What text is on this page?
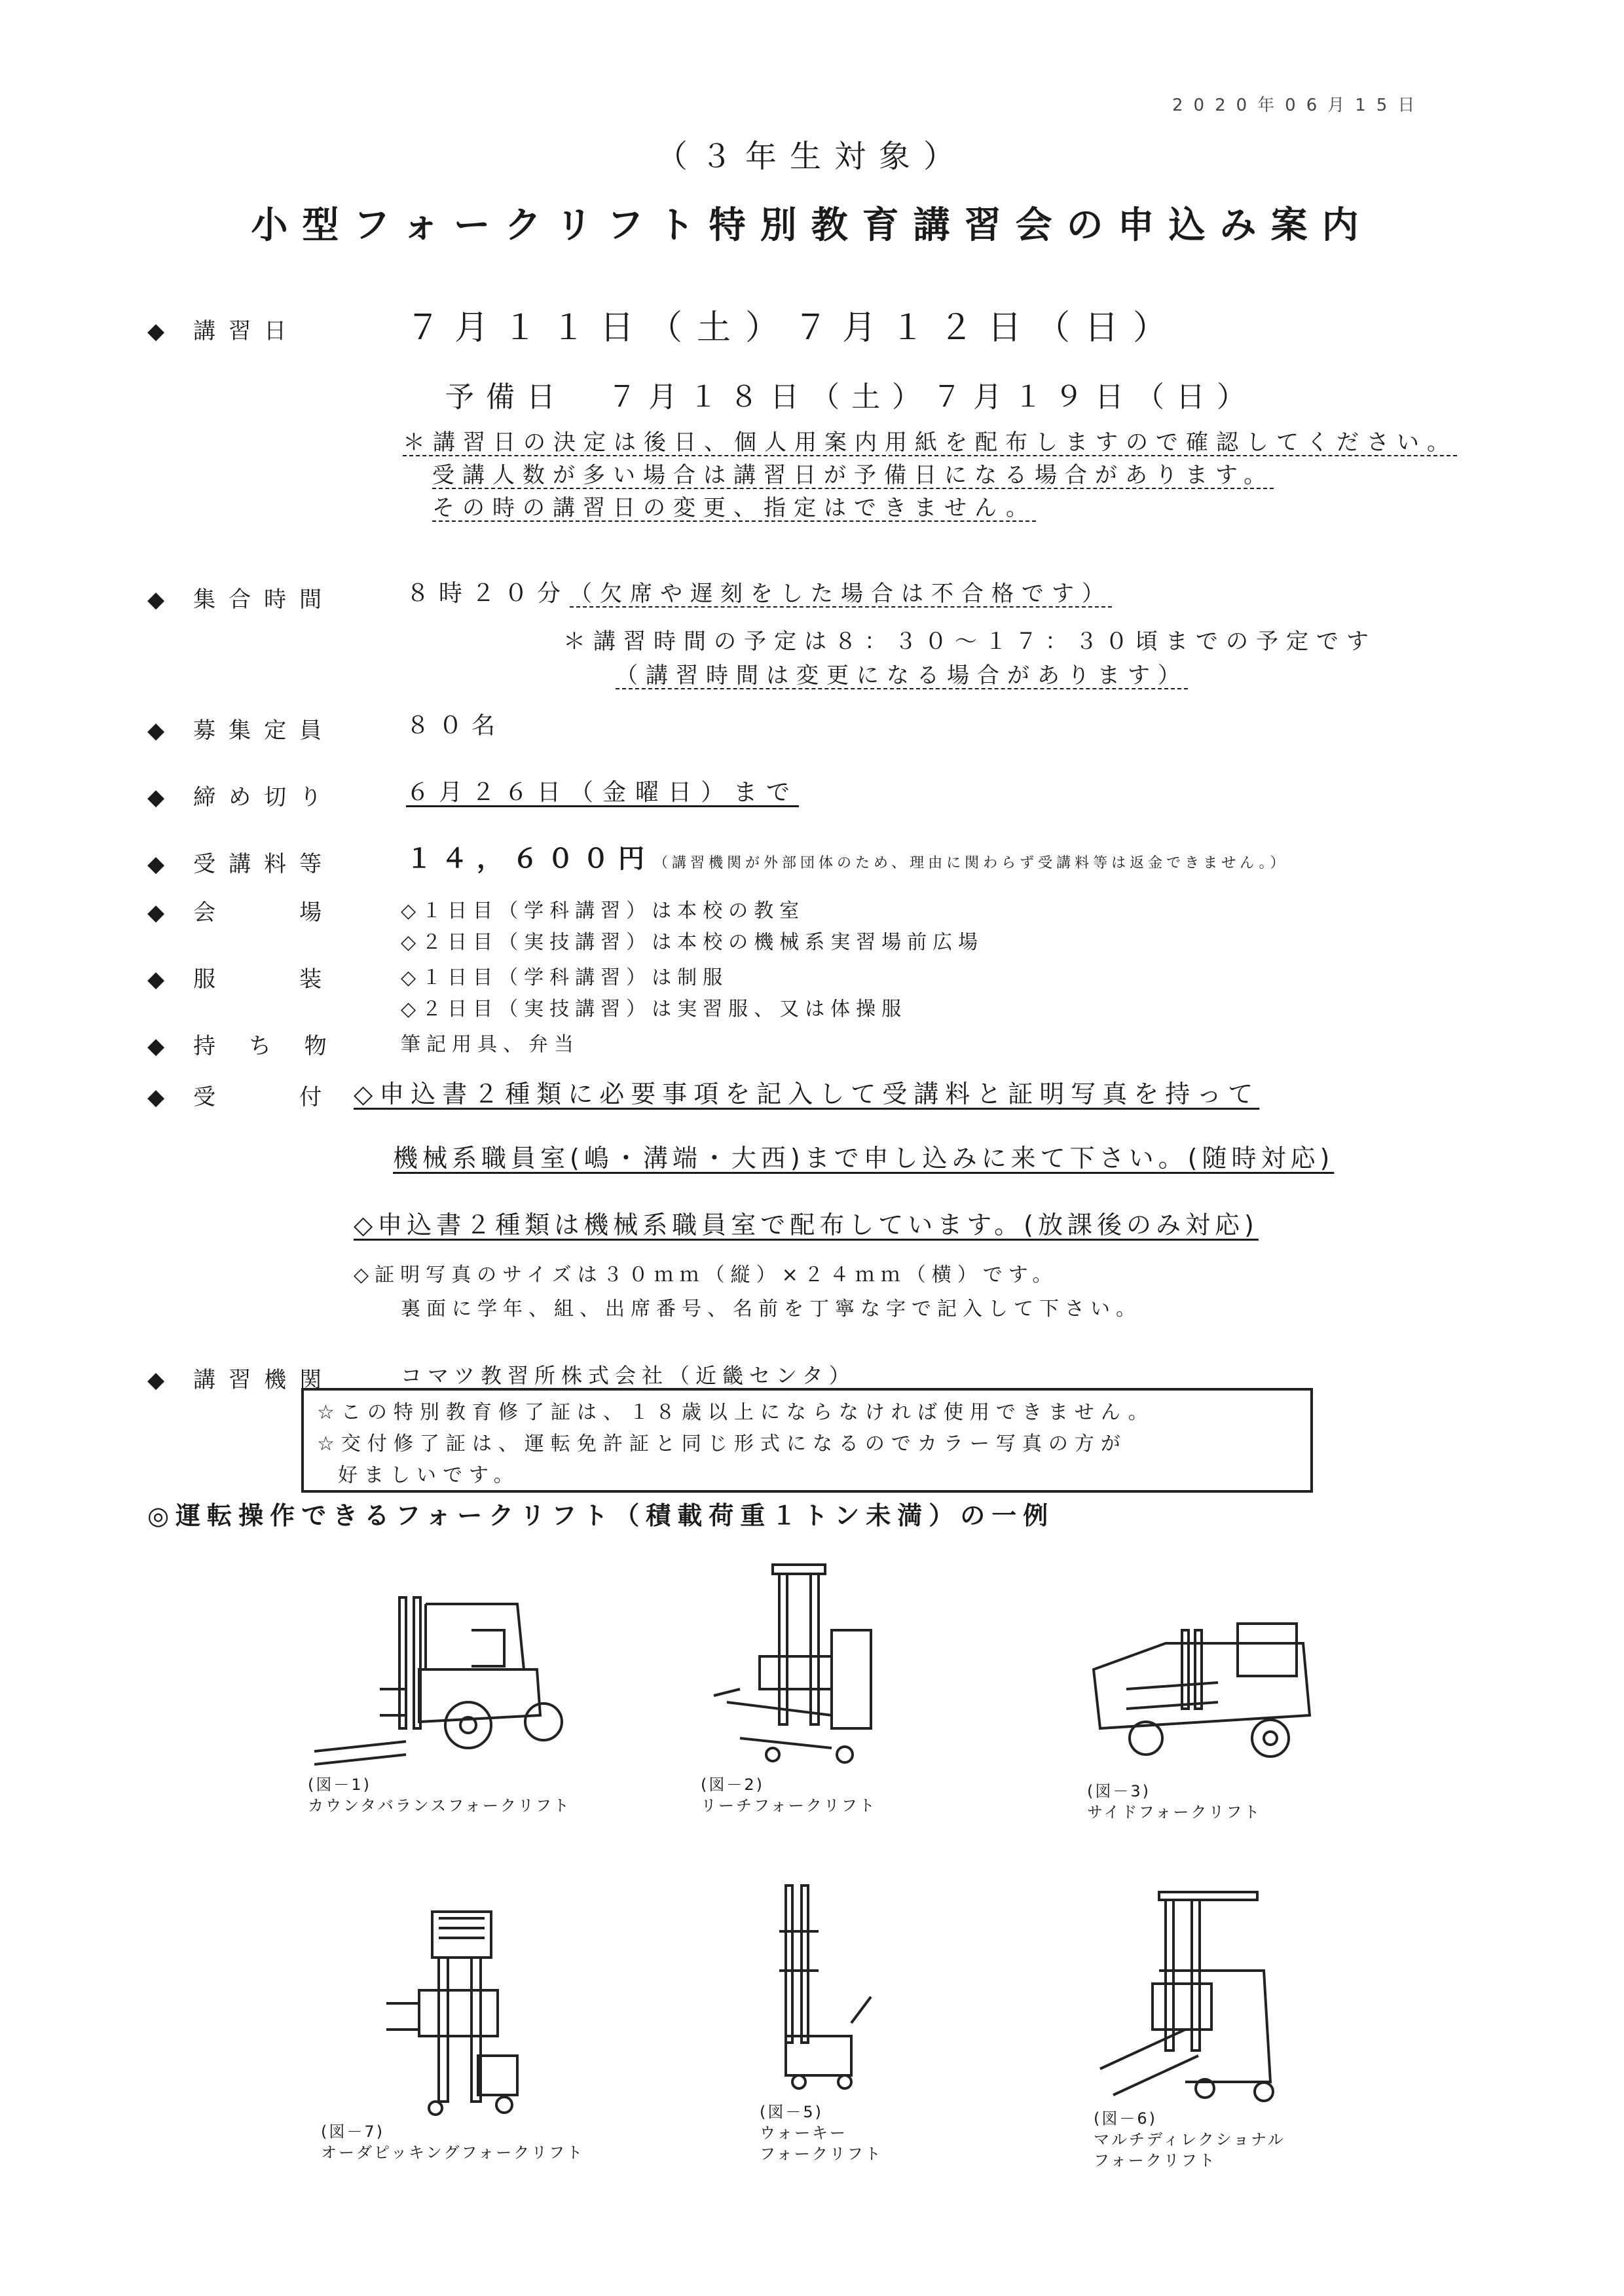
2020年06月15日
（３年生対象）
小型フォークリフト特別教育講習会の申込み案内
◆ 講習日	７月１１日（土）７月１２日（日）
予備日　７月１８日（土）７月１９日（日）
＊講習日の決定は後日、個人用案内用紙を配布しますので確認してください。
受講人数が多い場合は講習日が予備日になる場合があります。
その時の講習日の変更、指定はできません。
◆ 集合時間	８時２０分（欠席や遅刻をした場合は不合格です）
＊講習時間の予定は８：３０～１７：３０頃までの予定です
（講習時間は変更になる場合があります）
◆ 募集定員	８０名
◆ 締め切り	６月２６日（金曜日）まで
◆ 受講料等	１４，６００円（講習機関が外部団体のため、理由に関わらず受講料等は返金できません。）
◆ 会　　場	◇１日目（学科講習）は本校の教室
◇２日目（実技講習）は本校の機械系実習場前広場
◆ 服　　装	◇１日目（学科講習）は制服
◇２日目（実技講習）は実習服、又は体操服
◆ 持 ち 物	筆記用具、弁当
◆ 受　　付 ◇申込書２種類に必要事項を記入して受講料と証明写真を持って
機械系職員室(嶋・溝端・大西)まで申し込みに来て下さい。(随時対応)
◇申込書２種類は機械系職員室で配布しています。(放課後のみ対応)
◇証明写真のサイズは３０ｍｍ（縦）×２４ｍｍ（横）です。
裏面に学年、組、出席番号、名前を丁寧な字で記入して下さい。
◆ 講習機関	コマツ教習所株式会社（近畿センタ）
☆この特別教育修了証は、１８歳以上にならなければ使用できません。
☆交付修了証は、運転免許証と同じ形式になるのでカラー写真の方が
好ましいです。
◎運転操作できるフォークリフト（積載荷重１トン未満）の一例
(図－1)
カウンタバランスフォークリフト
(図－2)
リーチフォークリフト
(図－3)
サイドフォークリフト
(図－7)
オーダピッキングフォークリフト
(図－5)
ウォーキー
フォークリフト
(図－6)
マルチディレクショナル
フォークリフト
